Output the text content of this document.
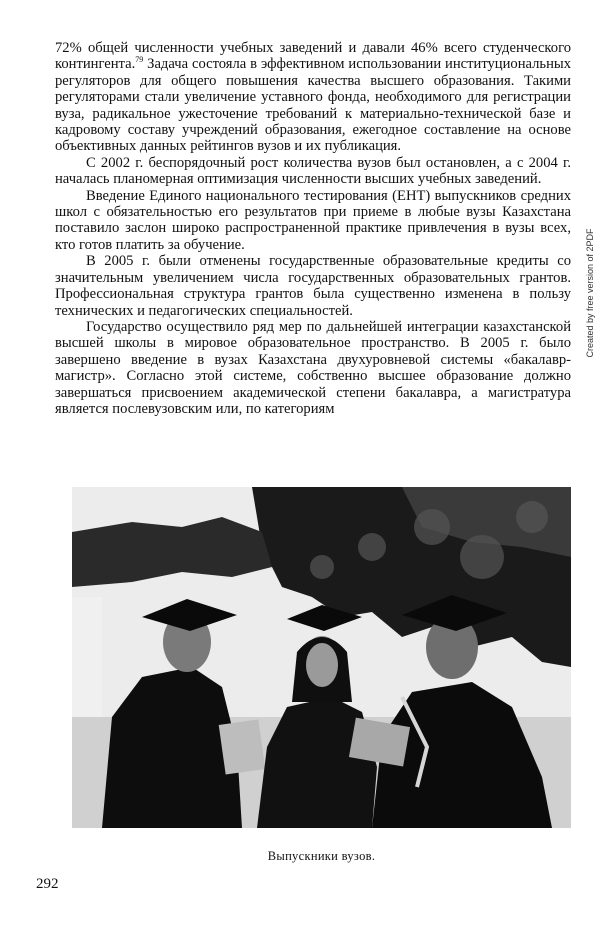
72% общей численности учебных заведений и давали 46% всего студенческого контингента.$^{79}$ Задача состояла в эффективном использовании институциональных регуляторов для общего повышения качества высшего образования. Такими регуляторами стали увеличение уставного фонда, необходимого для регистрации вуза, радикальное ужесточение требований к материально-технической базе и кадровому составу учреждений образования, ежегодное составление на основе объективных данных рейтингов вузов и их публикация.

С 2002 г. беспорядочный рост количества вузов был остановлен, а с 2004 г. началась планомерная оптимизация численности высших учебных заведений.

Введение Единого национального тестирования (ЕНТ) выпускников средних школ с обязательностью его результатов при приеме в любые вузы Казахстана поставило заслон широко распространенной практике привлечения в вузы всех, кто готов платить за обучение.

В 2005 г. были отменены государственные образовательные кредиты со значительным увеличением числа государственных образовательных грантов. Профессиональная структура грантов была существенно изменена в пользу технических и педагогических специальностей.

Государство осуществило ряд мер по дальнейшей интеграции казахстанской высшей школы в мировое образовательное пространство. В 2005 г. было завершено введение в вузах Казахстана двухуровневой системы «бакалавр-магистр». Согласно этой системе, собственно высшее образование должно завершаться присвоением академической степени бакалавра, а магистратура является послевузовским или, по категориям

Created by free version of 2PDF
Выпускники вузов.
292
